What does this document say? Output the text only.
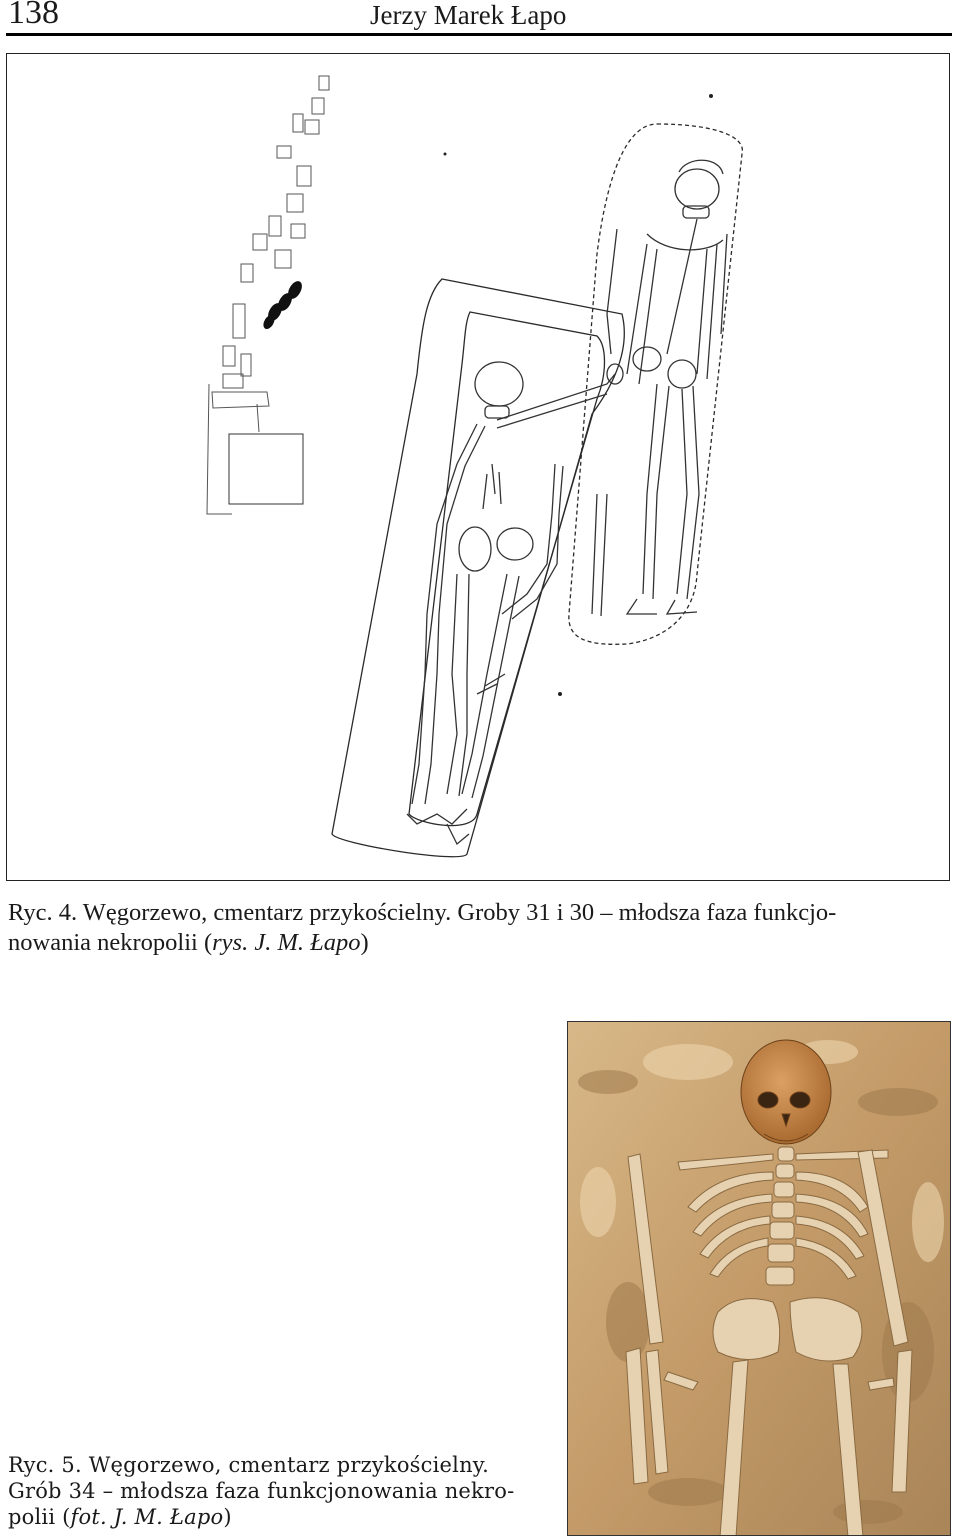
138	Jerzy Marek Łapo
Ryc. 4. Węgorzewo, cmentarz przykościelny. Groby 31 i 30 – młodsza faza funkcjo-
nowania nekropolii (rys. J. M. Łapo)
Ryc. 5. Węgorzewo, cmentarz przykościelny.
Grób 34 – młodsza faza funkcjonowania nekro-
polii (fot. J. M. Łapo)
